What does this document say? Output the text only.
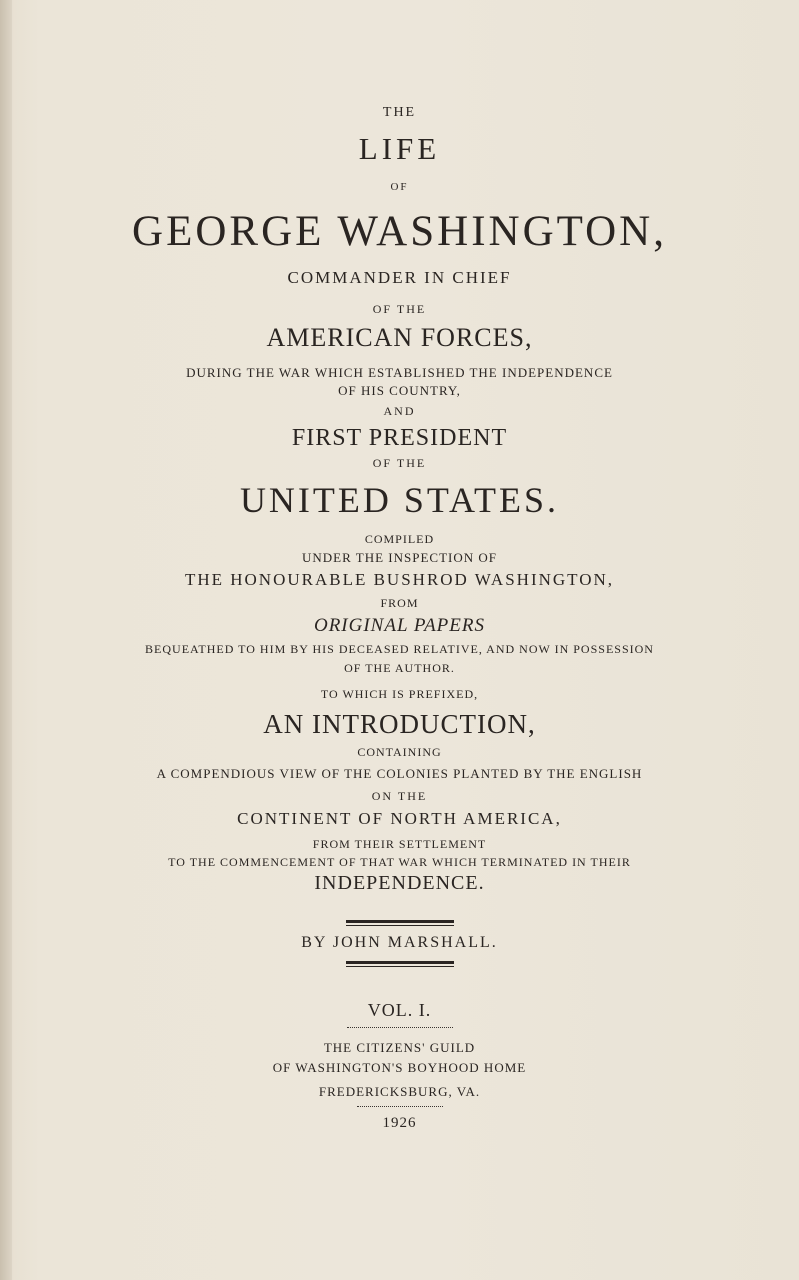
THE
LIFE
OF
GEORGE WASHINGTON,
COMMANDER IN CHIEF
OF THE
AMERICAN FORCES,
DURING THE WAR WHICH ESTABLISHED THE INDEPENDENCE
OF HIS COUNTRY,
AND
FIRST PRESIDENT
OF THE
UNITED STATES.
COMPILED
UNDER THE INSPECTION OF
THE HONOURABLE BUSHROD WASHINGTON,
FROM
ORIGINAL PAPERS
BEQUEATHED TO HIM BY HIS DECEASED RELATIVE, AND NOW IN POSSESSION
OF THE AUTHOR.
TO WHICH IS PREFIXED,
AN INTRODUCTION,
CONTAINING
A COMPENDIOUS VIEW OF THE COLONIES PLANTED BY THE ENGLISH
ON THE
CONTINENT OF NORTH AMERICA,
FROM THEIR SETTLEMENT
TO THE COMMENCEMENT OF THAT WAR WHICH TERMINATED IN THEIR
INDEPENDENCE.
BY JOHN MARSHALL.
VOL. I.
THE CITIZENS' GUILD
OF WASHINGTON'S BOYHOOD HOME
FREDERICKSBURG, VA.
1926
